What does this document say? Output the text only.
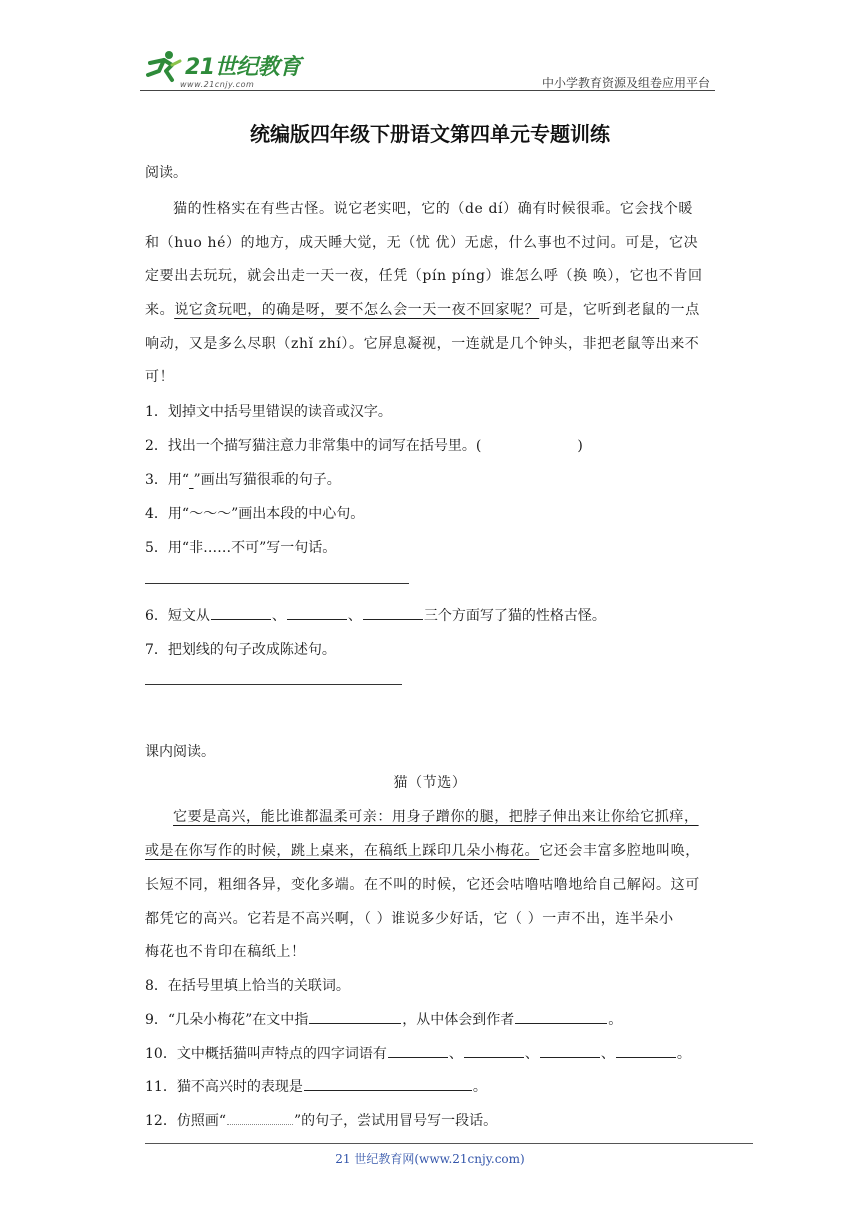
21世纪教育
www.21cnjy.com	中小学教育资源及组卷应用平台
统编版四年级下册语文第四单元专题训练
阅读。
猫的性格实在有些古怪。说它老实吧，它的（de dí）确有时候很乖。它会找个暖
和（huo hé）的地方，成天睡大觉，无（忧 优）无虑，什么事也不过问。可是，它决
定要出去玩玩，就会出走一天一夜，任凭（pín píng）谁怎么呼（换 唤），它也不肯回
来。说它贪玩吧，的确是呀，要不怎么会一天一夜不回家呢？可是，它听到老鼠的一点
响动，又是多么尽职（zhǐ zhí）。它屏息凝视，一连就是几个钟头，非把老鼠等出来不
可！
1．划掉文中括号里错误的读音或汉字。
2．找出一个描写猫注意力非常集中的词写在括号里。(	)
3．用“ ”画出写猫很乖的句子。
4．用“～～～”画出本段的中心句。
5．用“非……不可”写一句话。
6．短文从	、	、	三个方面写了猫的性格古怪。
7．把划线的句子改成陈述句。
课内阅读。
猫（节选）
它要是高兴，能比谁都温柔可亲：用身子蹭你的腿，把脖子伸出来让你给它抓痒，
或是在你写作的时候，跳上桌来，在稿纸上踩印几朵小梅花。它还会丰富多腔地叫唤，
长短不同，粗细各异，变化多端。在不叫的时候，它还会咕噜咕噜地给自己解闷。这可
都凭它的高兴。它若是不高兴啊，（ ）谁说多少好话，它（ ）一声不出，连半朵小
梅花也不肯印在稿纸上！
8．在括号里填上恰当的关联词。
9．“几朵小梅花”在文中指	，从中体会到作者	。
10．文中概括猫叫声特点的四字词语有	、	、	、	。
11．猫不高兴时的表现是	。
12．仿照画“	”的句子，尝试用冒号写一段话。
21 世纪教育网(www.21cnjy.com)
